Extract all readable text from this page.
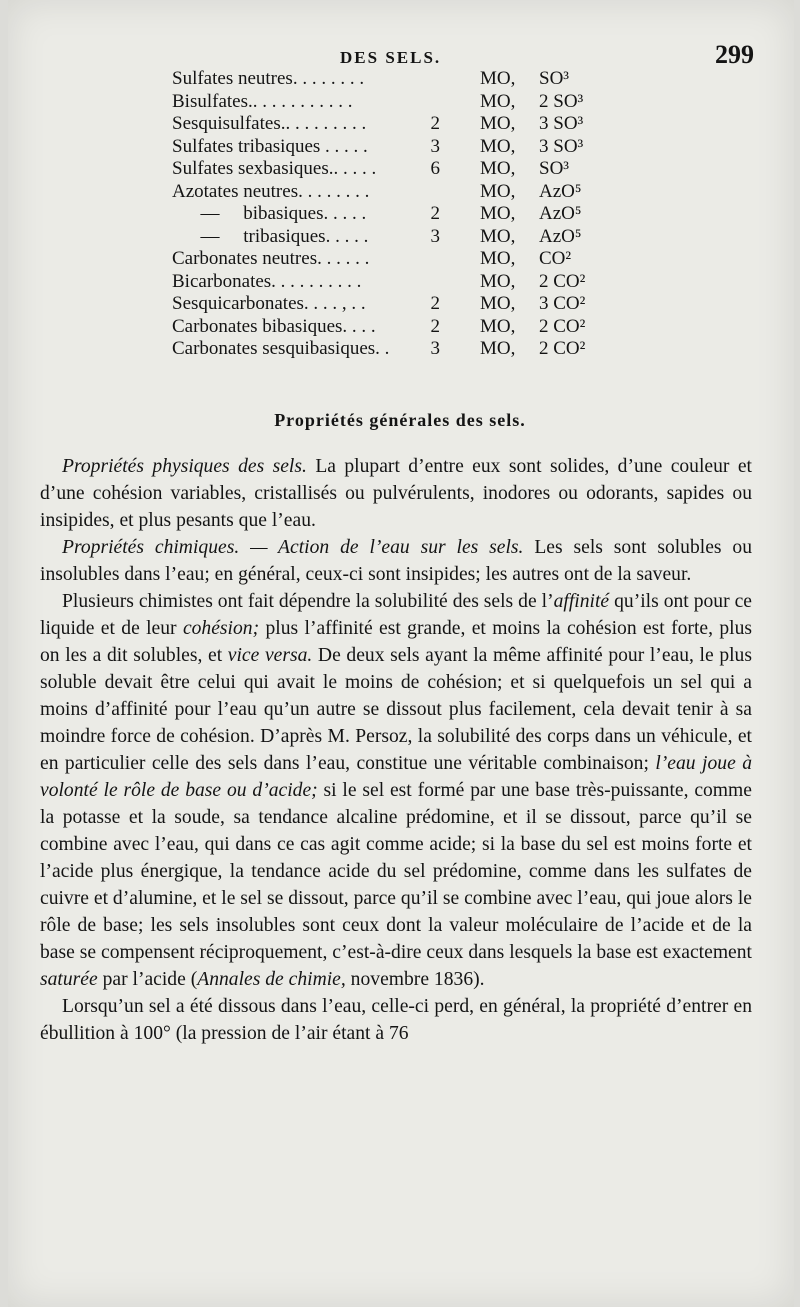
DES SELS.	299
Sulfates neutres. . . . . . . .	MO, SO³
Bisulfates.. . . . . . . . . . .	MO, 2 SO³
Sesquisulfates.. . . . . . . . .	2 MO, 3 SO³
Sulfates tribasiques . . . . .	3 MO, 3 SO³
Sulfates sexbasiques.. . . . .	6 MO, SO³
Azotates neutres. . . . . . . .	MO, AzO⁵
—     bibasiques. . . . .	2 MO, AzO⁵
—     tribasiques. . . . .	3 MO, AzO⁵
Carbonates neutres. . . . . .	MO, CO²
Bicarbonates. . . . . . . . . .	MO, 2 CO²
Sesquicarbonates. . . . , . .	2 MO, 3 CO²
Carbonates bibasiques. . . .	2 MO, 2 CO²
Carbonates sesquibasiques. . 3 MO, 2 CO²
Propriétés générales des sels.

Propriétés physiques des sels. La plupart d’entre eux sont solides, d’une couleur et d’une cohésion variables, cristallisés ou pulvérulents, inodores ou odorants, sapides ou insipides, et plus pesants que l’eau.

Propriétés chimiques. — Action de l’eau sur les sels. Les sels sont solubles ou insolubles dans l’eau; en général, ceux-ci sont insipides; les autres ont de la saveur.

Plusieurs chimistes ont fait dépendre la solubilité des sels de l’affinité qu’ils ont pour ce liquide et de leur cohésion; plus l’affinité est grande, et moins la cohésion est forte, plus on les a dit solubles, et vice versa. De deux sels ayant la même affinité pour l’eau, le plus soluble devait être celui qui avait le moins de cohésion; et si quelquefois un sel qui a moins d’affinité pour l’eau qu’un autre se dissout plus facilement, cela devait tenir à sa moindre force de cohésion. D’après M. Persoz, la solubilité des corps dans un véhicule, et en particulier celle des sels dans l’eau, constitue une véritable combinaison; l’eau joue à volonté le rôle de base ou d’acide; si le sel est formé par une base très-puissante, comme la potasse et la soude, sa tendance alcaline prédomine, et il se dissout, parce qu’il se combine avec l’eau, qui dans ce cas agit comme acide; si la base du sel est moins forte et l’acide plus énergique, la tendance acide du sel prédomine, comme dans les sulfates de cuivre et d’alumine, et le sel se dissout, parce qu’il se combine avec l’eau, qui joue alors le rôle de base; les sels insolubles sont ceux dont la valeur moléculaire de l’acide et de la base se compensent réciproquement, c’est-à-dire ceux dans lesquels la base est exactement saturée par l’acide (Annales de chimie, novembre 1836).

Lorsqu’un sel a été dissous dans l’eau, celle-ci perd, en général, la propriété d’entrer en ébullition à 100° (la pression de l’air étant à 76
